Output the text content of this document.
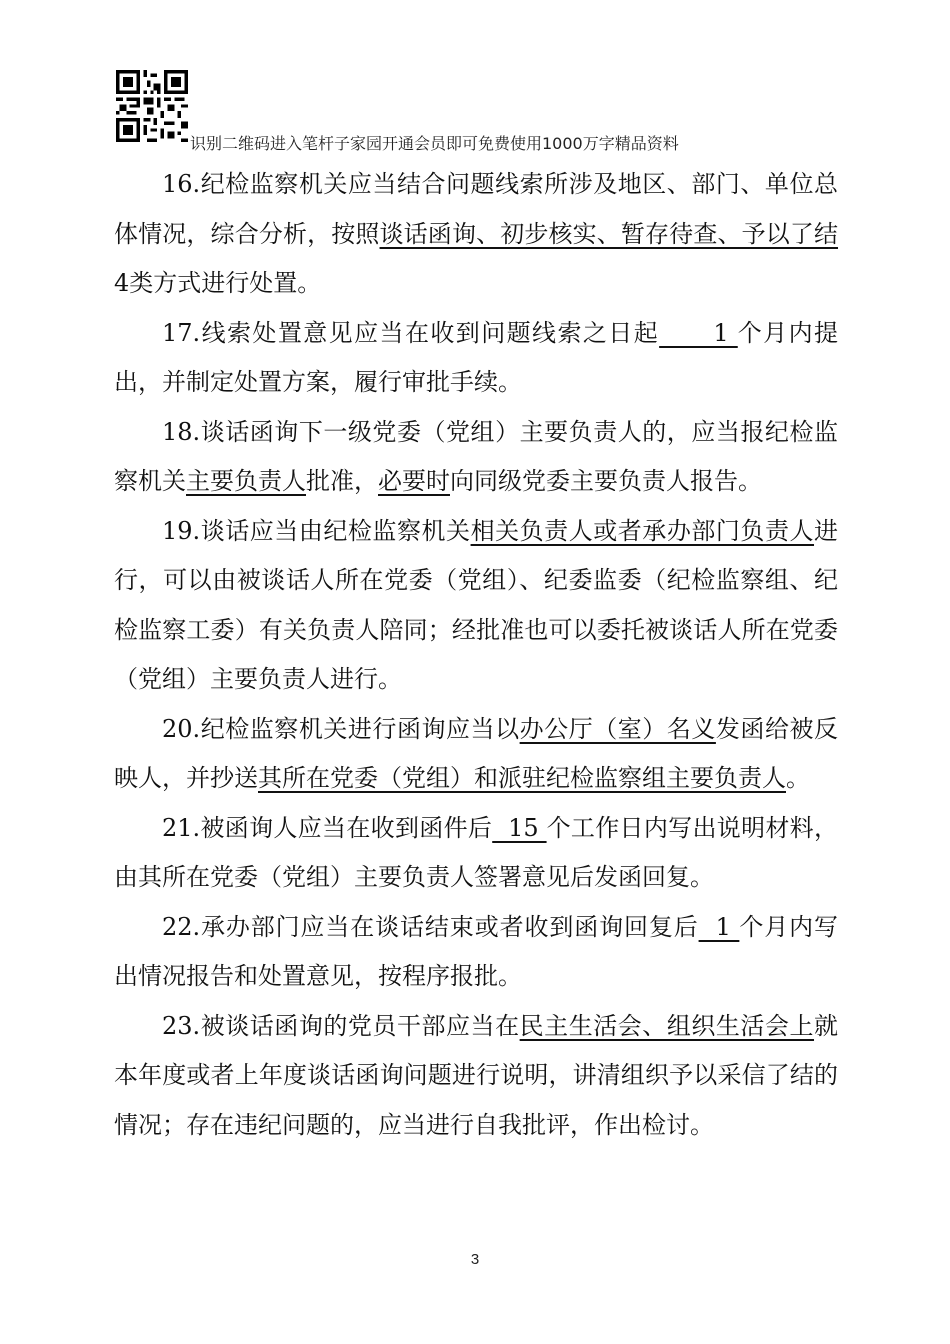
识别二维码进入笔杆子家园开通会员即可免费使用1000万字精品资料

16.纪检监察机关应当结合问题线索所涉及地区、部门、单位总体情况，综合分析，按照谈话函询、初步核实、暂存待查、予以了结4类方式进行处置。

17.线索处置意见应当在收到问题线索之日起      1 个月内提出，并制定处置方案，履行审批手续。

18.谈话函询下一级党委（党组）主要负责人的，应当报纪检监察机关主要负责人批准，必要时向同级党委主要负责人报告。

19.谈话应当由纪检监察机关相关负责人或者承办部门负责人进行，可以由被谈话人所在党委（党组）、纪委监委（纪检监察组、纪检监察工委）有关负责人陪同；经批准也可以委托被谈话人所在党委（党组）主要负责人进行。

20.纪检监察机关进行函询应当以办公厅（室）名义发函给被反映人，并抄送其所在党委（党组）和派驻纪检监察组主要负责人。

21.被函询人应当在收到函件后  15 个工作日内写出说明材料，由其所在党委（党组）主要负责人签署意见后发函回复。

22.承办部门应当在谈话结束或者收到函询回复后  1 个月内写出情况报告和处置意见，按程序报批。

23.被谈话函询的党员干部应当在民主生活会、组织生活会上就本年度或者上年度谈话函询问题进行说明，讲清组织予以采信了结的情况；存在违纪问题的，应当进行自我批评，作出检讨。

3
